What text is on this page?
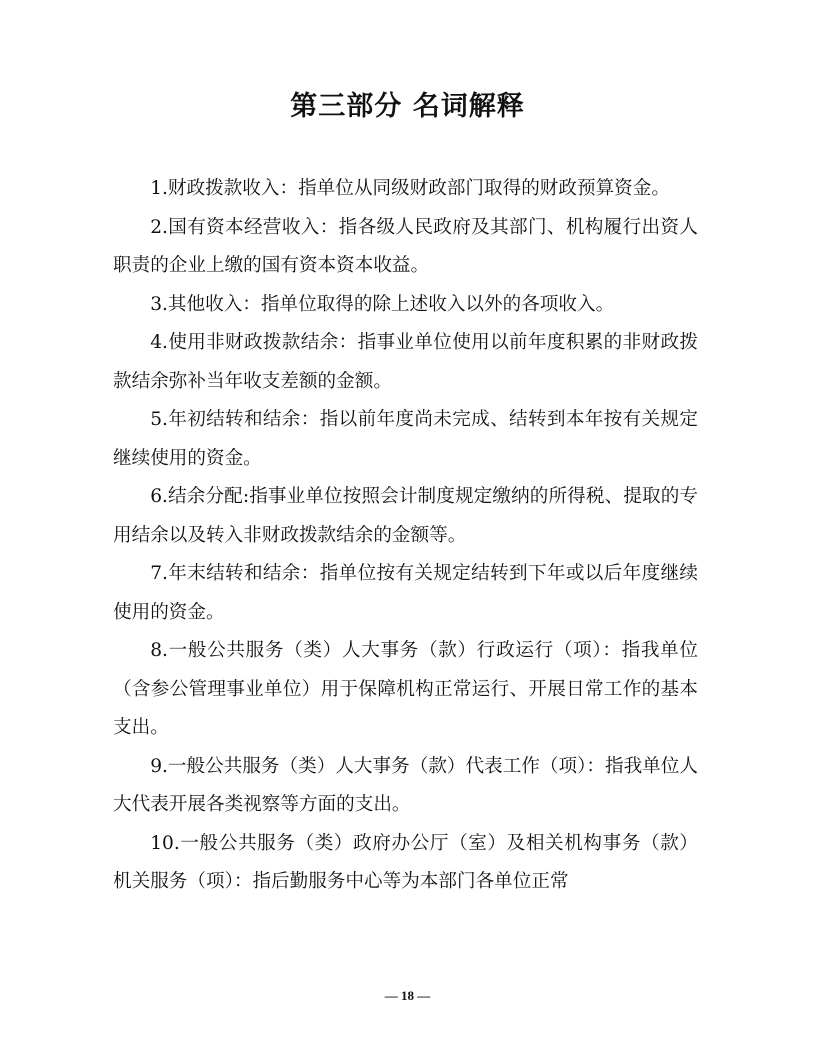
第三部分 名词解释

1.财政拨款收入：指单位从同级财政部门取得的财政预算资金。

2.国有资本经营收入：指各级人民政府及其部门、机构履行出资人职责的企业上缴的国有资本资本收益。

3.其他收入：指单位取得的除上述收入以外的各项收入。

4.使用非财政拨款结余：指事业单位使用以前年度积累的非财政拨款结余弥补当年收支差额的金额。

5.年初结转和结余：指以前年度尚未完成、结转到本年按有关规定继续使用的资金。

6.结余分配:指事业单位按照会计制度规定缴纳的所得税、提取的专用结余以及转入非财政拨款结余的金额等。

7.年末结转和结余：指单位按有关规定结转到下年或以后年度继续使用的资金。

8.一般公共服务（类）人大事务（款）行政运行（项）：指我单位（含参公管理事业单位）用于保障机构正常运行、开展日常工作的基本支出。

9.一般公共服务（类）人大事务（款）代表工作（项）：指我单位人大代表开展各类视察等方面的支出。

10.一般公共服务（类）政府办公厅（室）及相关机构事务（款）机关服务（项）：指后勤服务中心等为本部门各单位正常

— 18 —
